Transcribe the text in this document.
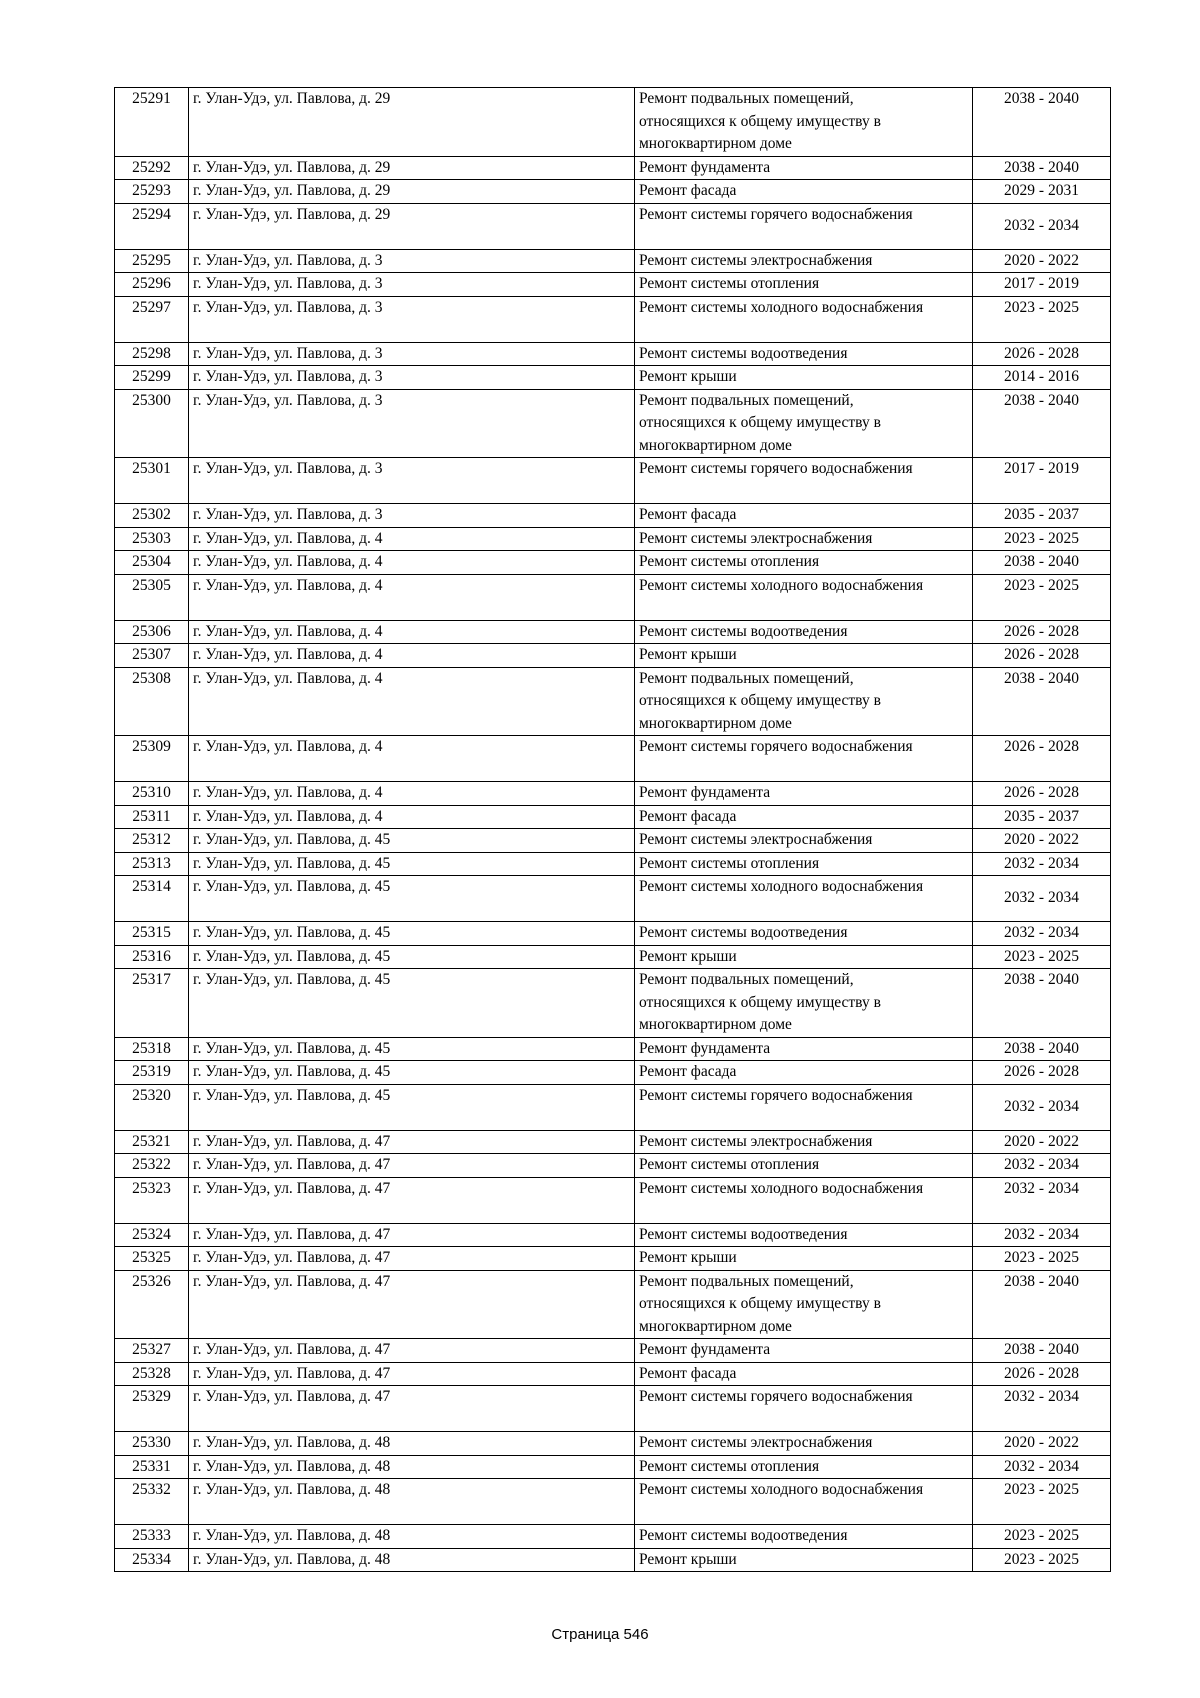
25291	г. Улан-Удэ, ул. Павлова, д. 29	Ремонт подвальных помещений,
относящихся к общему имуществу в
многоквартирном доме	2038 - 2040
25292	г. Улан-Удэ, ул. Павлова, д. 29	Ремонт фундамента	2038 - 2040
25293	г. Улан-Удэ, ул. Павлова, д. 29	Ремонт фасада	2029 - 2031
25294	г. Улан-Удэ, ул. Павлова, д. 29	Ремонт системы горячего водоснабжения	2032 - 2034
25295	г. Улан-Удэ, ул. Павлова, д. 3	Ремонт системы электроснабжения	2020 - 2022
25296	г. Улан-Удэ, ул. Павлова, д. 3	Ремонт системы отопления	2017 - 2019
25297	г. Улан-Удэ, ул. Павлова, д. 3	Ремонт системы холодного водоснабжения	2023 - 2025
25298	г. Улан-Удэ, ул. Павлова, д. 3	Ремонт системы водоотведения	2026 - 2028
25299	г. Улан-Удэ, ул. Павлова, д. 3	Ремонт крыши	2014 - 2016
25300	г. Улан-Удэ, ул. Павлова, д. 3	Ремонт подвальных помещений,
относящихся к общему имуществу в
многоквартирном доме	2038 - 2040
25301	г. Улан-Удэ, ул. Павлова, д. 3	Ремонт системы горячего водоснабжения	2017 - 2019
25302	г. Улан-Удэ, ул. Павлова, д. 3	Ремонт фасада	2035 - 2037
25303	г. Улан-Удэ, ул. Павлова, д. 4	Ремонт системы электроснабжения	2023 - 2025
25304	г. Улан-Удэ, ул. Павлова, д. 4	Ремонт системы отопления	2038 - 2040
25305	г. Улан-Удэ, ул. Павлова, д. 4	Ремонт системы холодного водоснабжения	2023 - 2025
25306	г. Улан-Удэ, ул. Павлова, д. 4	Ремонт системы водоотведения	2026 - 2028
25307	г. Улан-Удэ, ул. Павлова, д. 4	Ремонт крыши	2026 - 2028
25308	г. Улан-Удэ, ул. Павлова, д. 4	Ремонт подвальных помещений,
относящихся к общему имуществу в
многоквартирном доме	2038 - 2040
25309	г. Улан-Удэ, ул. Павлова, д. 4	Ремонт системы горячего водоснабжения	2026 - 2028
25310	г. Улан-Удэ, ул. Павлова, д. 4	Ремонт фундамента	2026 - 2028
25311	г. Улан-Удэ, ул. Павлова, д. 4	Ремонт фасада	2035 - 2037
25312	г. Улан-Удэ, ул. Павлова, д. 45	Ремонт системы электроснабжения	2020 - 2022
25313	г. Улан-Удэ, ул. Павлова, д. 45	Ремонт системы отопления	2032 - 2034
25314	г. Улан-Удэ, ул. Павлова, д. 45	Ремонт системы холодного водоснабжения	2032 - 2034
25315	г. Улан-Удэ, ул. Павлова, д. 45	Ремонт системы водоотведения	2032 - 2034
25316	г. Улан-Удэ, ул. Павлова, д. 45	Ремонт крыши	2023 - 2025
25317	г. Улан-Удэ, ул. Павлова, д. 45	Ремонт подвальных помещений,
относящихся к общему имуществу в
многоквартирном доме	2038 - 2040
25318	г. Улан-Удэ, ул. Павлова, д. 45	Ремонт фундамента	2038 - 2040
25319	г. Улан-Удэ, ул. Павлова, д. 45	Ремонт фасада	2026 - 2028
25320	г. Улан-Удэ, ул. Павлова, д. 45	Ремонт системы горячего водоснабжения	2032 - 2034
25321	г. Улан-Удэ, ул. Павлова, д. 47	Ремонт системы электроснабжения	2020 - 2022
25322	г. Улан-Удэ, ул. Павлова, д. 47	Ремонт системы отопления	2032 - 2034
25323	г. Улан-Удэ, ул. Павлова, д. 47	Ремонт системы холодного водоснабжения	2032 - 2034
25324	г. Улан-Удэ, ул. Павлова, д. 47	Ремонт системы водоотведения	2032 - 2034
25325	г. Улан-Удэ, ул. Павлова, д. 47	Ремонт крыши	2023 - 2025
25326	г. Улан-Удэ, ул. Павлова, д. 47	Ремонт подвальных помещений,
относящихся к общему имуществу в
многоквартирном доме	2038 - 2040
25327	г. Улан-Удэ, ул. Павлова, д. 47	Ремонт фундамента	2038 - 2040
25328	г. Улан-Удэ, ул. Павлова, д. 47	Ремонт фасада	2026 - 2028
25329	г. Улан-Удэ, ул. Павлова, д. 47	Ремонт системы горячего водоснабжения	2032 - 2034
25330	г. Улан-Удэ, ул. Павлова, д. 48	Ремонт системы электроснабжения	2020 - 2022
25331	г. Улан-Удэ, ул. Павлова, д. 48	Ремонт системы отопления	2032 - 2034
25332	г. Улан-Удэ, ул. Павлова, д. 48	Ремонт системы холодного водоснабжения	2023 - 2025
25333	г. Улан-Удэ, ул. Павлова, д. 48	Ремонт системы водоотведения	2023 - 2025
25334	г. Улан-Удэ, ул. Павлова, д. 48	Ремонт крыши	2023 - 2025
Страница 546
